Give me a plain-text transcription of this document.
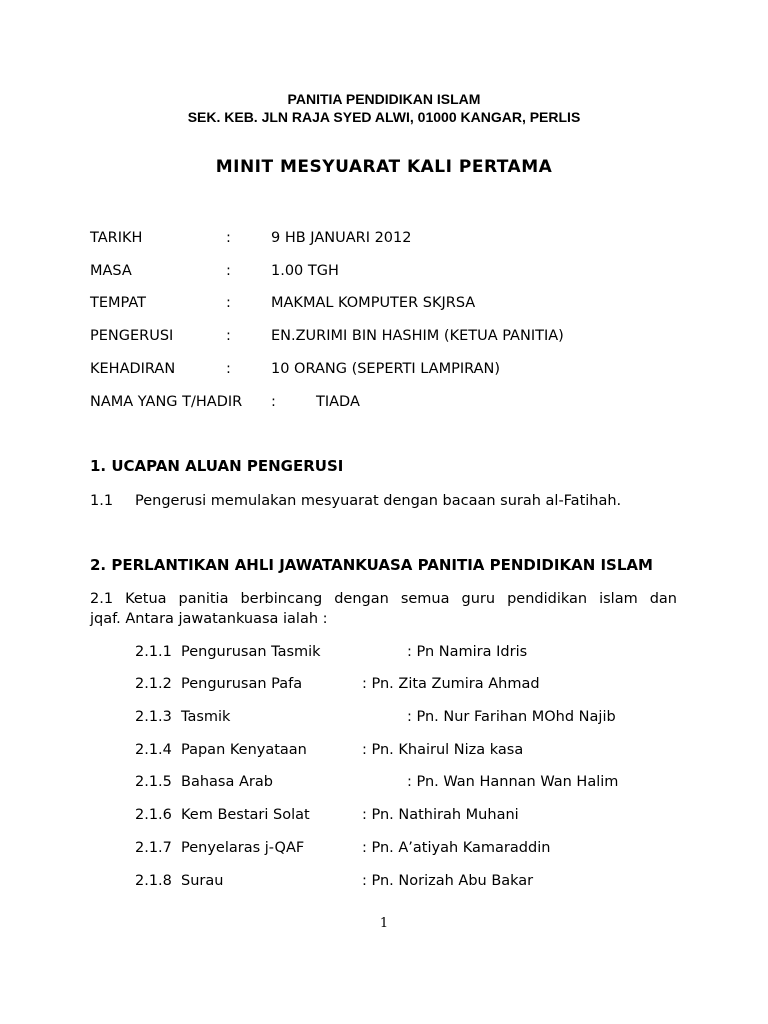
PANITIA PENDIDIKAN ISLAM
SEK. KEB. JLN RAJA SYED ALWI, 01000 KANGAR, PERLIS
MINIT MESYUARAT KALI PERTAMA
TARIKH	:	9 HB JANUARI 2012
MASA	:	1.00 TGH
TEMPAT	:	MAKMAL KOMPUTER SKJRSA
PENGERUSI	:	EN.ZURIMI BIN HASHIM (KETUA PANITIA)
KEHADIRAN	:	10 ORANG (SEPERTI LAMPIRAN)
NAMA YANG T/HADIR :	TIADA
1. UCAPAN ALUAN PENGERUSI
1.1 Pengerusi memulakan mesyuarat dengan bacaan surah al-Fatihah.
2. PERLANTIKAN AHLI JAWATANKUASA PANITIA PENDIDIKAN ISLAM
2.1 Ketua panitia berbincang dengan semua guru pendidikan islam dan
jqaf. Antara jawatankuasa ialah :
2.1.1 Pengurusan Tasmik	: Pn Namira Idris
2.1.2 Pengurusan Pafa	: Pn. Zita Zumira Ahmad
2.1.3 Tasmik	: Pn. Nur Farihan MOhd Najib
2.1.4 Papan Kenyataan	: Pn. Khairul Niza kasa
2.1.5 Bahasa Arab	: Pn. Wan Hannan Wan Halim
2.1.6 Kem Bestari Solat	: Pn. Nathirah Muhani
2.1.7 Penyelaras j-QAF	: Pn. A’atiyah Kamaraddin
2.1.8 Surau	: Pn. Norizah Abu Bakar
1
